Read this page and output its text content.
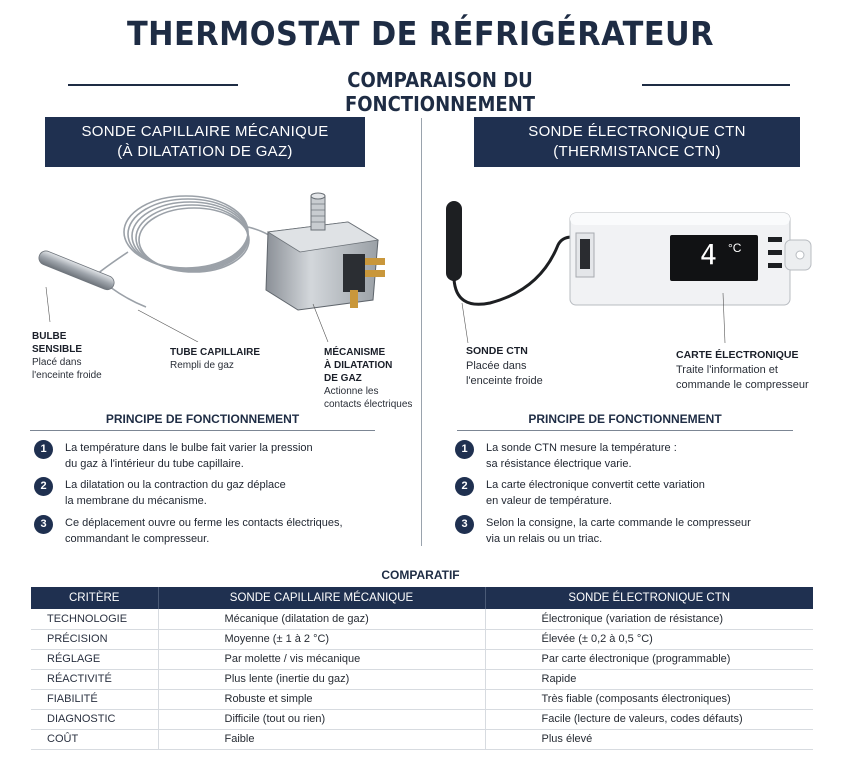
THERMOSTAT DE RÉFRIGÉRATEUR
COMPARAISON DU FONCTIONNEMENT
SONDE CAPILLAIRE MÉCANIQUE
(À DILATATION DE GAZ)
SONDE ÉLECTRONIQUE CTN
(THERMISTANCE CTN)
BULBE
SENSIBLE
Placé dans
l'enceinte froide
TUBE CAPILLAIRE
Rempli de gaz
MÉCANISME
À DILATATION
DE GAZ
Actionne les
contacts électriques
4 °C
SONDE CTN
Placée dans
l'enceinte froide
CARTE ÉLECTRONIQUE
Traite l'information et
commande le compresseur
PRINCIPE DE FONCTIONNEMENT	PRINCIPE DE FONCTIONNEMENT
1	La température dans le bulbe fait varier la pression
du gaz à l'intérieur du tube capillaire.
2	La dilatation ou la contraction du gaz déplace
la membrane du mécanisme.
3	Ce déplacement ouvre ou ferme les contacts électriques,
commandant le compresseur.
1	La sonde CTN mesure la température :
sa résistance électrique varie.
2	La carte électronique convertit cette variation
en valeur de température.
3	Selon la consigne, la carte commande le compresseur
via un relais ou un triac.
COMPARATIF
CRITÈRE	SONDE CAPILLAIRE MÉCANIQUE	SONDE ÉLECTRONIQUE CTN
TECHNOLOGIE	Mécanique (dilatation de gaz)	Électronique (variation de résistance)
PRÉCISION	Moyenne (± 1 à 2 °C)	Élevée (± 0,2 à 0,5 °C)
RÉGLAGE	Par molette / vis mécanique	Par carte électronique (programmable)
RÉACTIVITÉ	Plus lente (inertie du gaz)	Rapide
FIABILITÉ	Robuste et simple	Très fiable (composants électroniques)
DIAGNOSTIC	Difficile (tout ou rien)	Facile (lecture de valeurs, codes défauts)
COÛT	Faible	Plus élevé
